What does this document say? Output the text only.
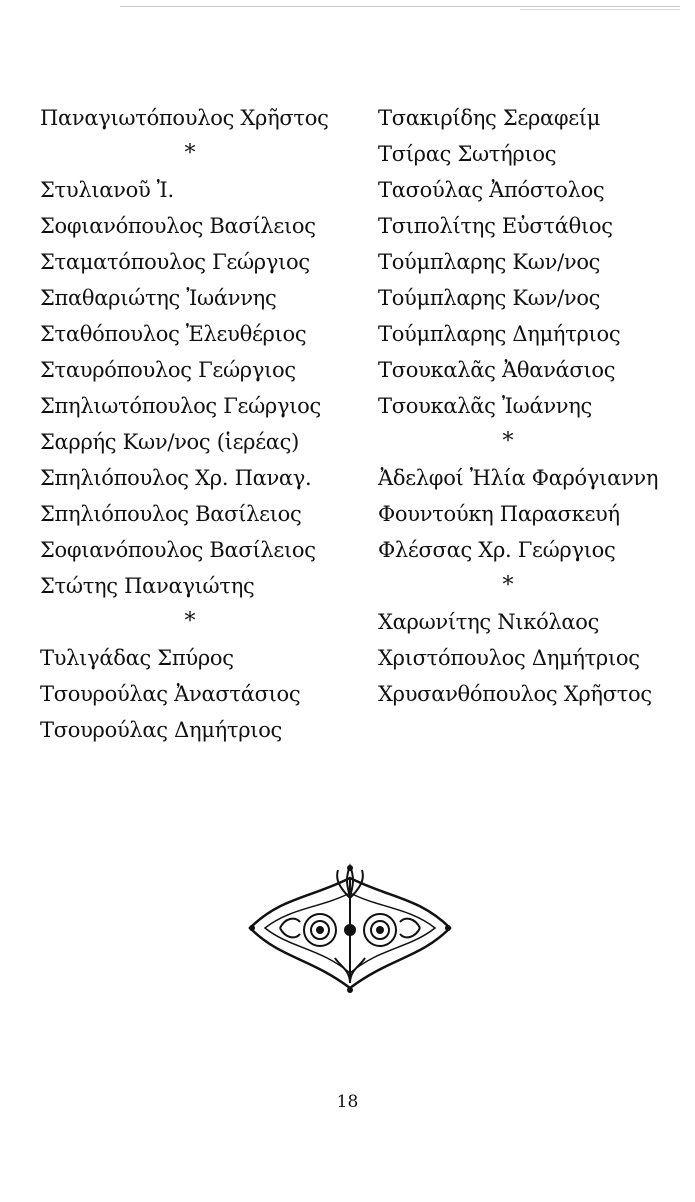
Παναγιωτόπουλος Χρῆστος
*
Στυλιανοῦ Ἰ.
Σοφιανόπουλος Βασίλειος
Σταματόπουλος Γεώργιος
Σπαθαριώτης Ἰωάννης
Σταθόπουλος Ἐλευθέριος
Σταυρόπουλος Γεώργιος
Σπηλιωτόπουλος Γεώργιος
Σαρρής Κων/νος (ἱερέας)
Σπηλιόπουλος Χρ. Παναγ.
Σπηλιόπουλος Βασίλειος
Σοφιανόπουλος Βασίλειος
Στώτης Παναγιώτης
*
Τυλιγάδας Σπύρος
Τσουρούλας Ἀναστάσιος
Τσουρούλας Δημήτριος
Τσακιρίδης Σεραφείμ
Τσίρας Σωτήριος
Τασούλας Ἀπόστολος
Τσιπολίτης Εὐστάθιος
Τούμπλαρης Κων/νος
Τούμπλαρης Κων/νος
Τούμπλαρης Δημήτριος
Τσουκαλᾶς Ἀθανάσιος
Τσουκαλᾶς Ἰωάννης
*
Ἀδελφοί Ἠλία Φαρόγιαννη
Φουντούκη Παρασκευή
Φλέσσας Χρ. Γεώργιος
*
Χαρωνίτης Νικόλαος
Χριστόπουλος Δημήτριος
Χρυσανθόπουλος Χρῆστος
18
